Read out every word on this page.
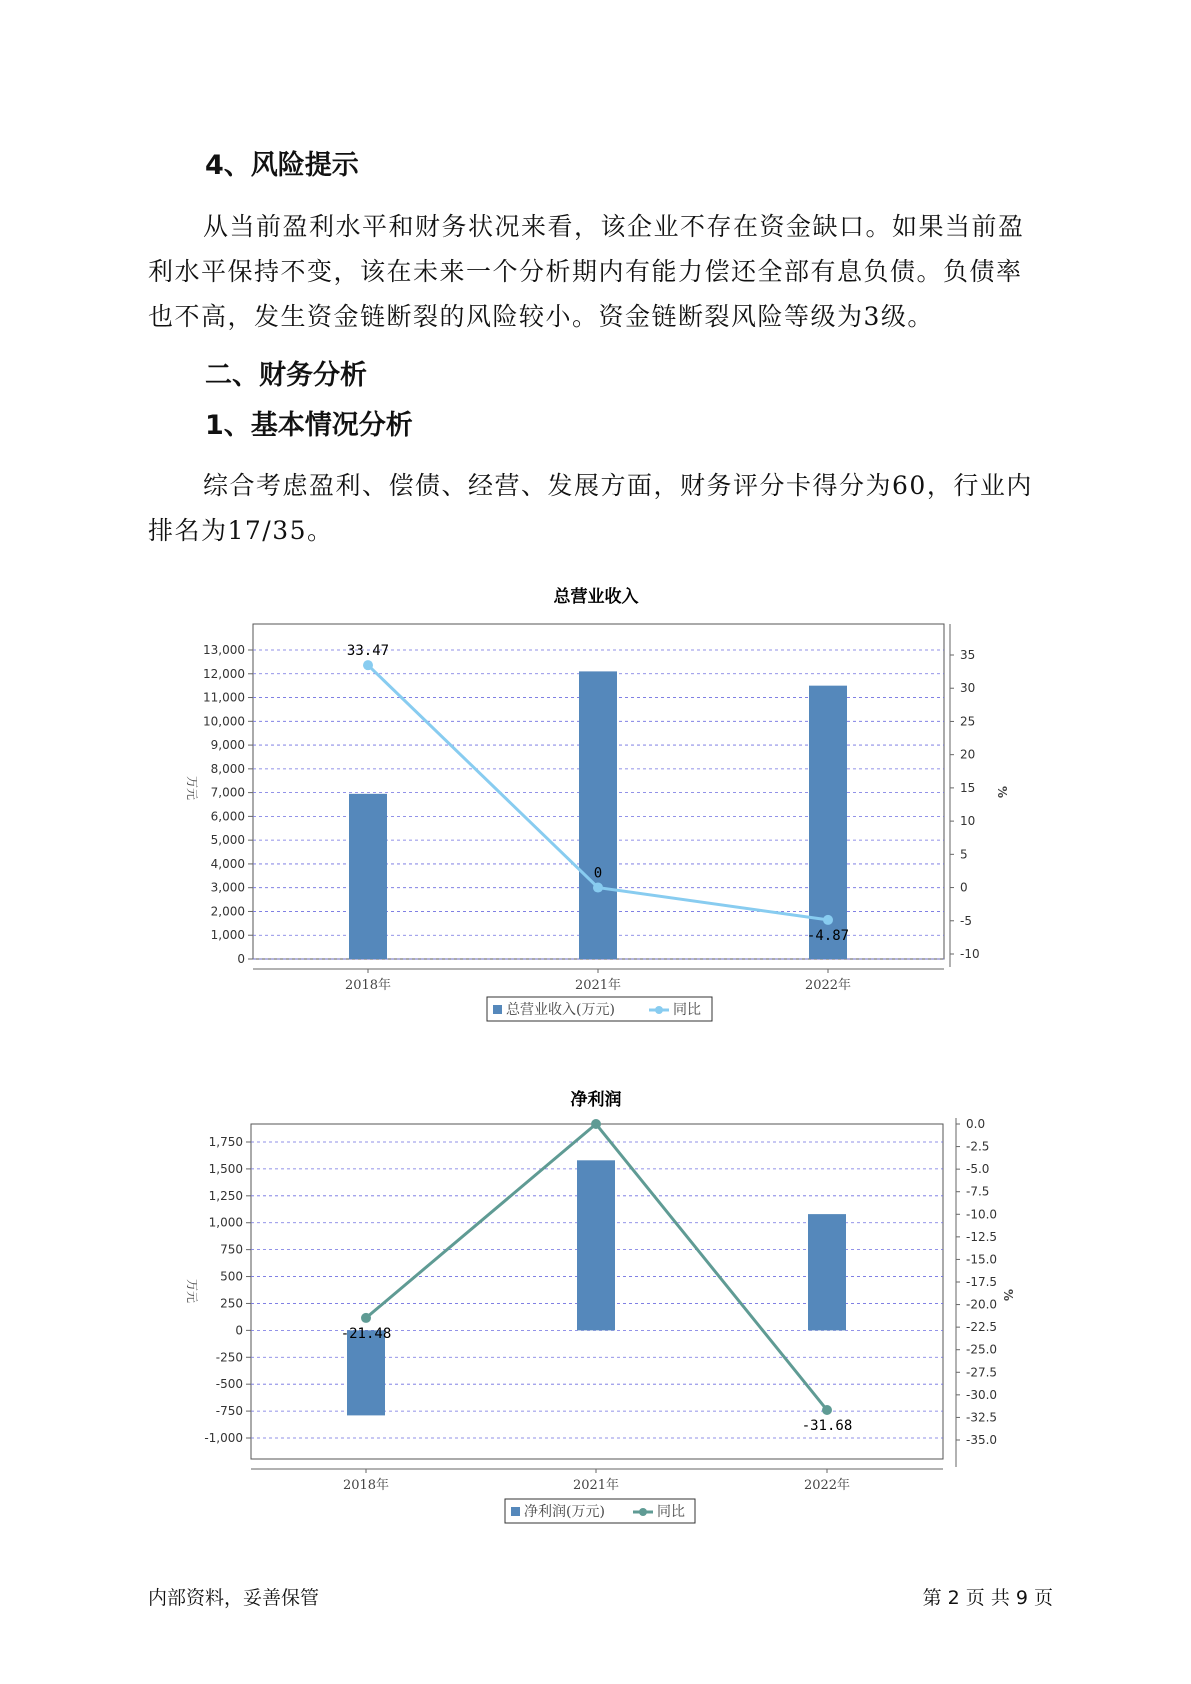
4、风险提示

从当前盈利水平和财务状况来看，该企业不存在资金缺口。如果当前盈利水平保持不变，该在未来一个分析期内有能力偿还全部有息负债。负债率也不高，发生资金链断裂的风险较小。资金链断裂风险等级为3级。

二、财务分析
1、基本情况分析

综合考虑盈利、偿债、经营、发展方面，财务评分卡得分为60，行业内排名为17/35。

总营业收入
0
1,000
2,000
3,000
4,000
5,000
6,000
7,000
8,000
9,000
10,000
11,000
12,000
13,000
-10
-5
0
5
10
15
20
25
30
35
万元	%
2018年	2021年	2022年
33.47
0
-4.87
总营业收入(万元)	同比
净利润
-1,000
-750
-500
-250
0
250
500
750
1,000
1,250
1,500
1,750
-35.0
-32.5
-30.0
-27.5
-25.0
-22.5
-20.0
-17.5
-15.0
-12.5
-10.0
-7.5
-5.0
-2.5
0.0
万元	%
2018年	2021年	2022年
-21.48
-31.68
净利润(万元)	同比
内部资料，妥善保管	第 2 页 共 9 页
